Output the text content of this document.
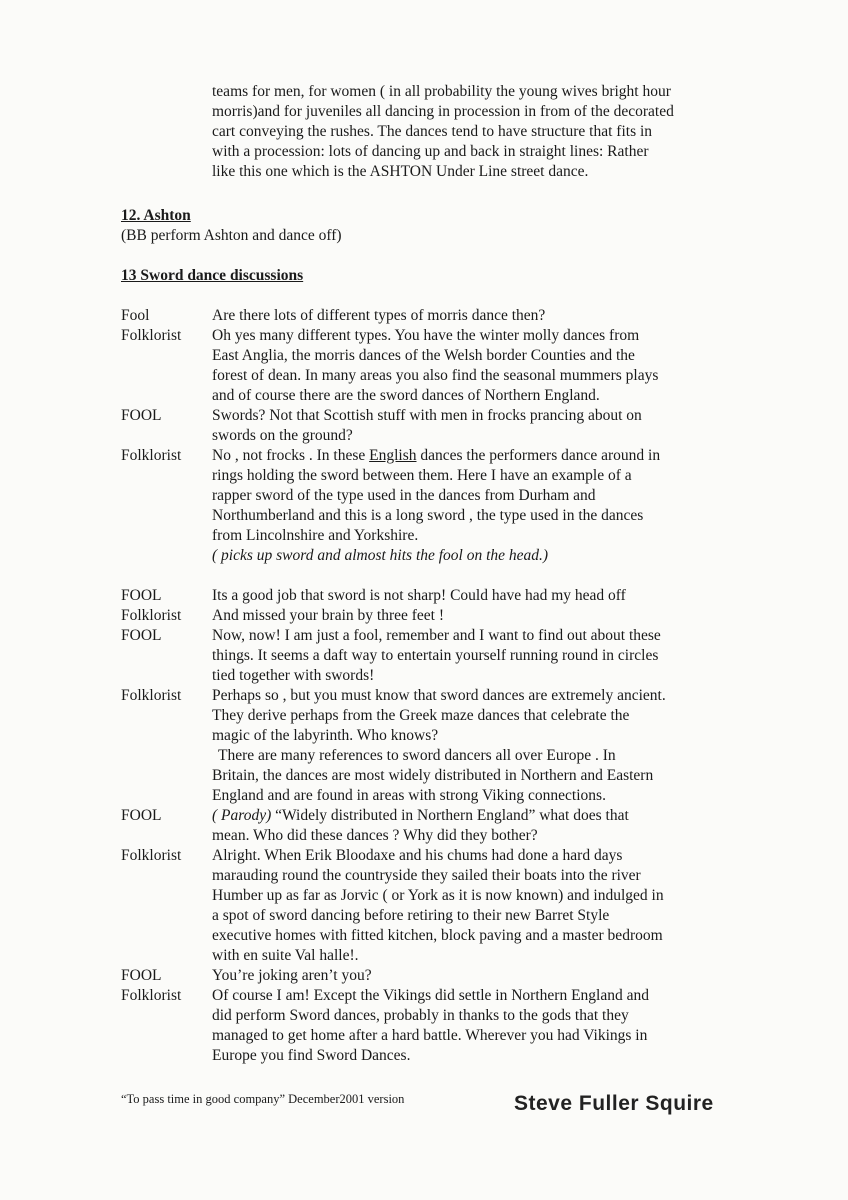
teams for men, for women ( in all probability the young wives bright hour
morris)and for juveniles all dancing in procession in from of the decorated
cart conveying the rushes. The dances tend to have structure that fits in
with a procession: lots of dancing up and back in straight lines: Rather
like this one which is the ASHTON Under Line street dance.
12. Ashton
(BB perform Ashton and dance off)
13 Sword dance discussions
Fool	Are there lots of different types of morris dance then?
Folklorist	Oh yes many different types. You have the winter molly dances from
East Anglia, the morris dances of the Welsh border Counties and the
forest of dean. In many areas you also find the seasonal mummers plays
and of course there are the sword dances of Northern England.
FOOL	Swords? Not that Scottish stuff with men in frocks prancing about on
swords on the ground?
Folklorist	No , not frocks . In these English dances the performers dance around in
rings holding the sword between them. Here I have an example of a
rapper sword of the type used in the dances from Durham and
Northumberland and this is a long sword , the type used in the dances
from Lincolnshire and Yorkshire.
( picks up sword and almost hits the fool on the head.)
FOOL	Its a good job that sword is not sharp! Could have had my head off
Folklorist	And missed your brain by three feet !
FOOL	Now, now! I am just a fool, remember and I want to find out about these
things. It seems a daft way to entertain yourself running round in circles
tied together with swords!
Folklorist	Perhaps so , but you must know that sword dances are extremely ancient.
They derive perhaps from the Greek maze dances that celebrate the
magic of the labyrinth. Who knows?
There are many references to sword dancers all over Europe . In
Britain, the dances are most widely distributed in Northern and Eastern
England and are found in areas with strong Viking connections.
FOOL	( Parody) “Widely distributed in Northern England” what does that
mean. Who did these dances ? Why did they bother?
Folklorist	Alright. When Erik Bloodaxe and his chums had done a hard days
marauding round the countryside they sailed their boats into the river
Humber up as far as Jorvic ( or York as it is now known) and indulged in
a spot of sword dancing before retiring to their new Barret Style
executive homes with fitted kitchen, block paving and a master bedroom
with en suite Val halle!.
FOOL	You’re joking aren’t you?
Folklorist	Of course I am! Except the Vikings did settle in Northern England and
did perform Sword dances, probably in thanks to the gods that they
managed to get home after a hard battle. Wherever you had Vikings in
Europe you find Sword Dances.
“To pass time in good company” December2001 version	Steve Fuller Squire
